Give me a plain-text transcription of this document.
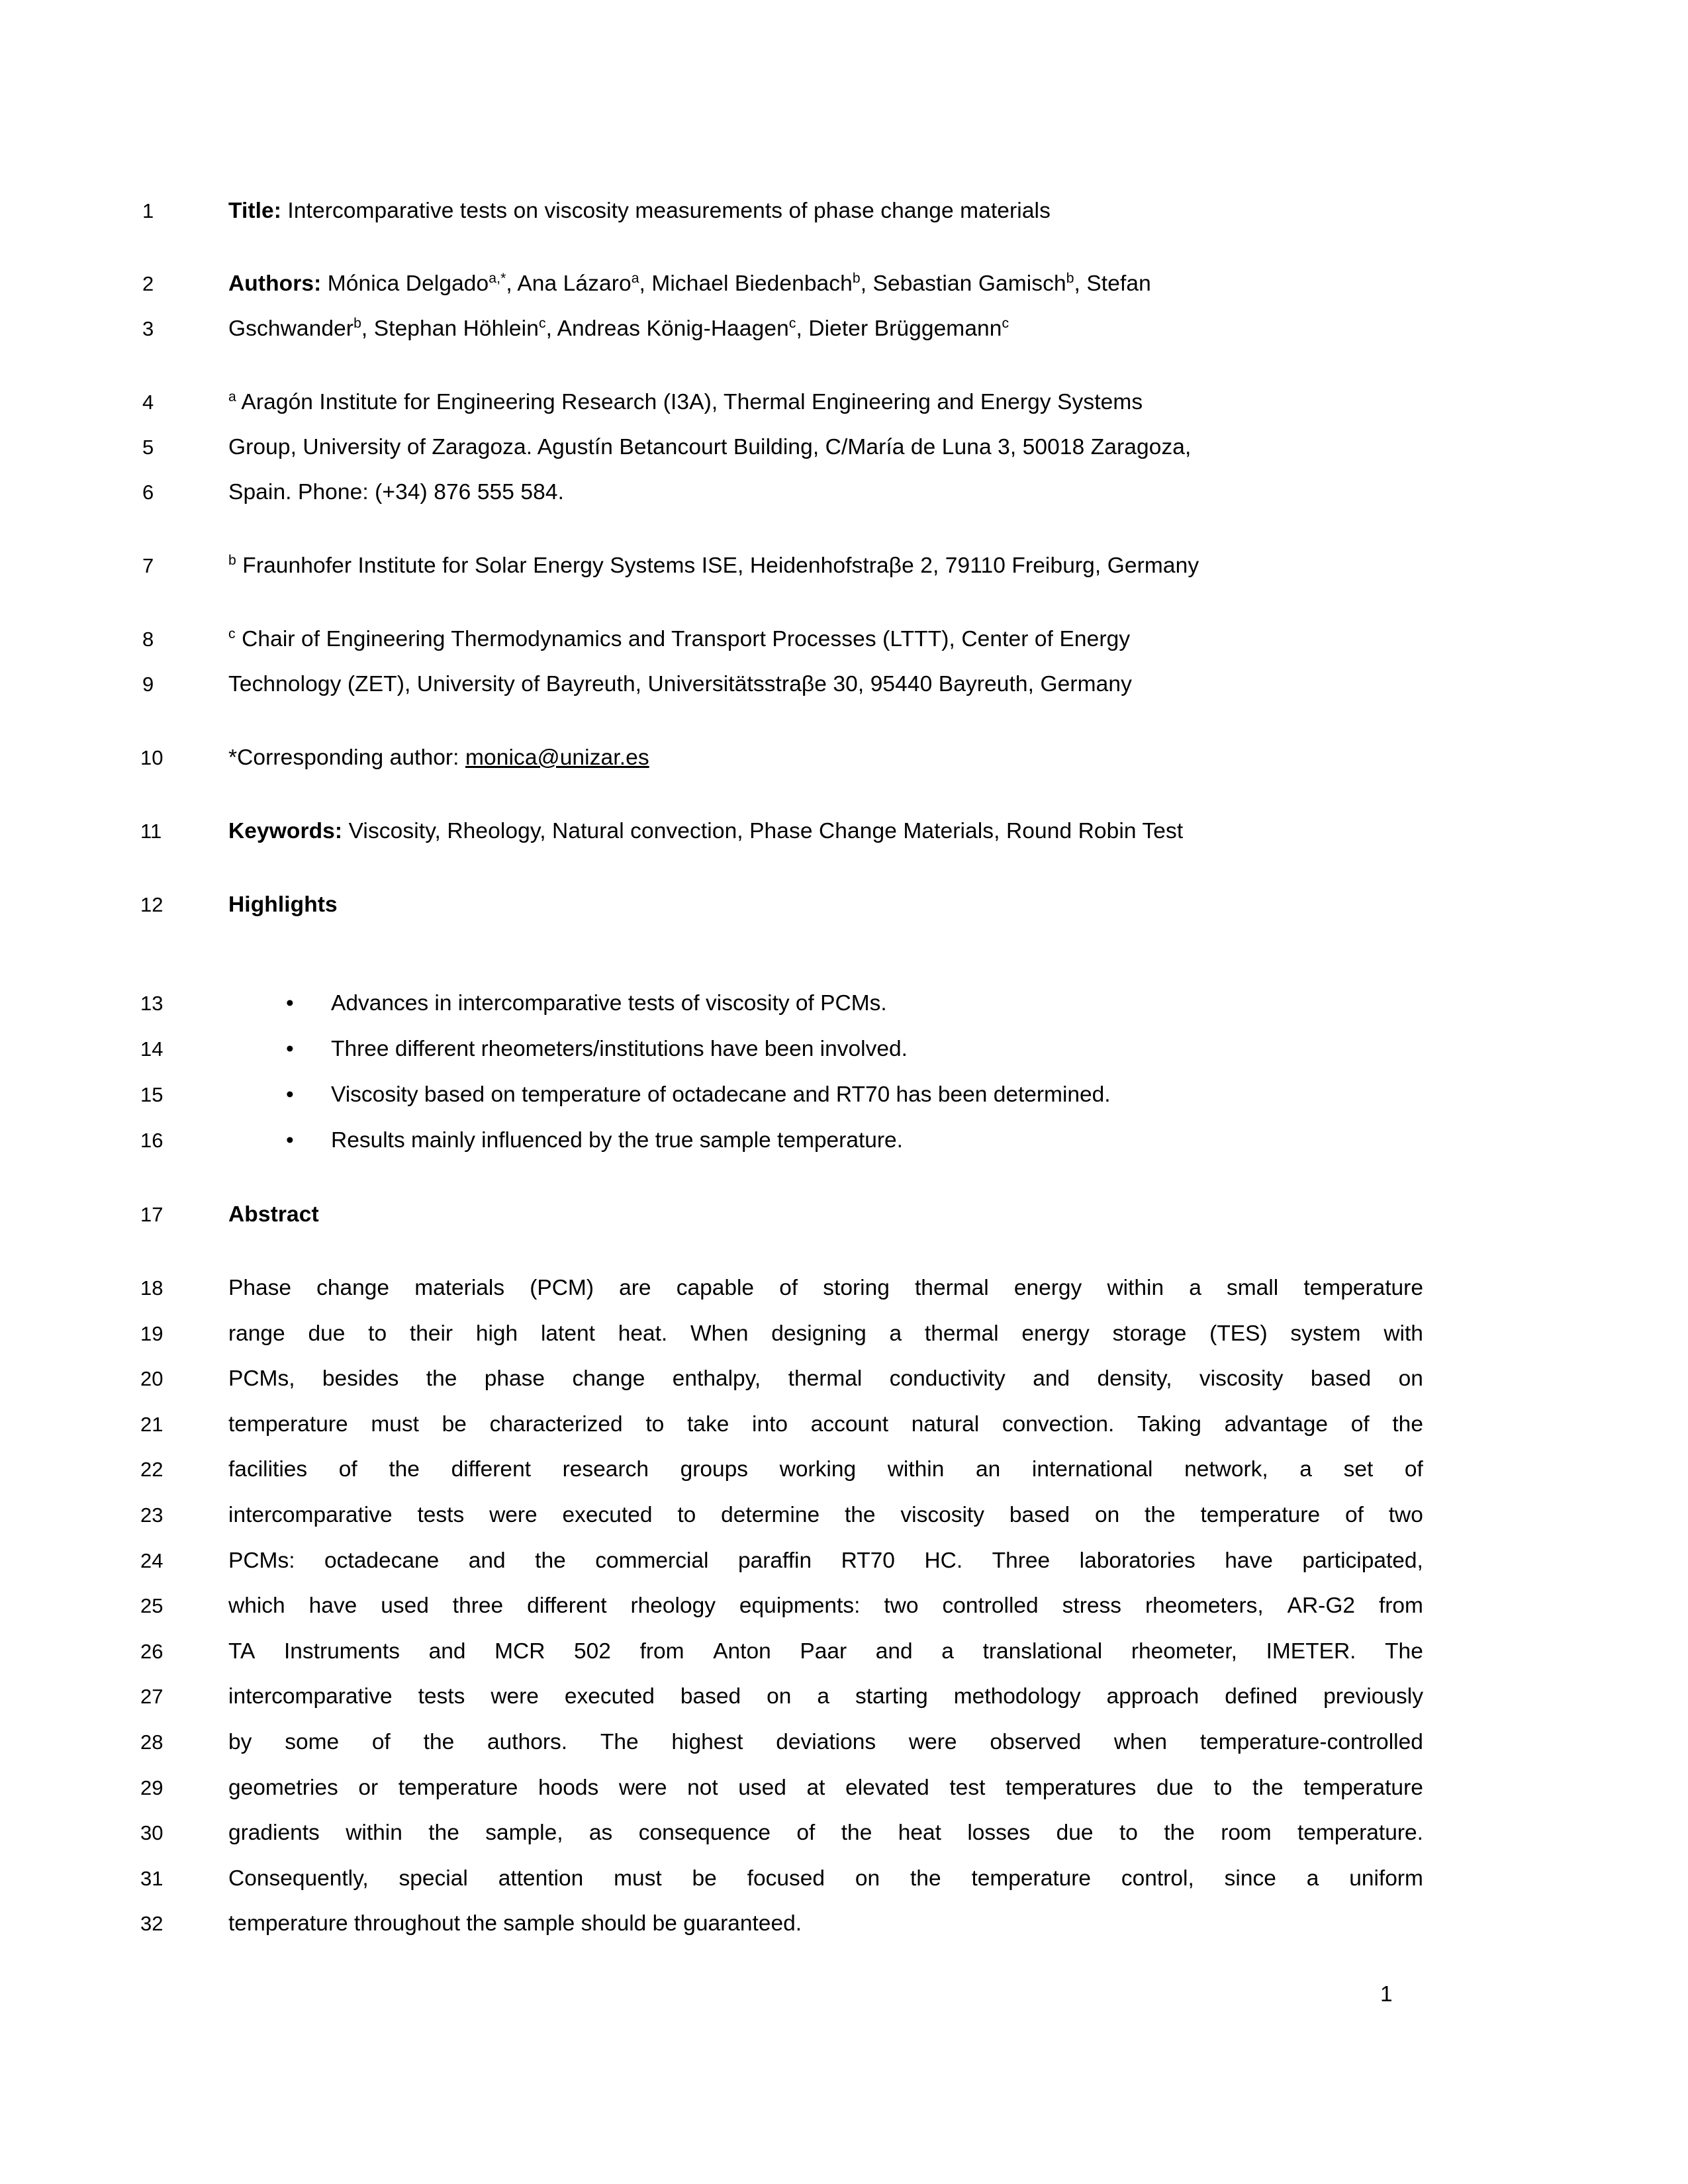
1	Title: Intercomparative tests on viscosity measurements of phase change materials
2	Authors: Mónica Delgado$^{a,*}$, Ana Lázaro$^a$, Michael Biedenbach$^b$, Sebastian Gamisch$^b$, Stefan
3	Gschwander$^b$, Stephan Höhlein$^c$, Andreas König-Haagen$^c$, Dieter Brüggemann$^c$
4	$^a$ Aragón Institute for Engineering Research (I3A), Thermal Engineering and Energy Systems
5	Group, University of Zaragoza. Agustín Betancourt Building, C/María de Luna 3, 50018 Zaragoza,
6	Spain. Phone: (+34) 876 555 584.
7	$^b$ Fraunhofer Institute for Solar Energy Systems ISE, Heidenhofstraβe 2, 79110 Freiburg, Germany
8	$^c$ Chair of Engineering Thermodynamics and Transport Processes (LTTT), Center of Energy
9	Technology (ZET), University of Bayreuth, Universitätsstraβe 30, 95440 Bayreuth, Germany
10	*Corresponding author: monica@unizar.es
11	Keywords: Viscosity, Rheology, Natural convection, Phase Change Materials, Round Robin Test
12	Highlights
13	• Advances in intercomparative tests of viscosity of PCMs.
14	• Three different rheometers/institutions have been involved.
15	• Viscosity based on temperature of octadecane and RT70 has been determined.
16	• Results mainly influenced by the true sample temperature.
17	Abstract
18	Phase change materials (PCM) are capable of storing thermal energy within a small temperature
19	range due to their high latent heat. When designing a thermal energy storage (TES) system with
20	PCMs, besides the phase change enthalpy, thermal conductivity and density, viscosity based on
21	temperature must be characterized to take into account natural convection. Taking advantage of the
22	facilities of the different research groups working within an international network, a set of
23	intercomparative tests were executed to determine the viscosity based on the temperature of two
24	PCMs: octadecane and the commercial paraffin RT70 HC. Three laboratories have participated,
25	which have used three different rheology equipments: two controlled stress rheometers, AR-G2 from
26	TA Instruments and MCR 502 from Anton Paar and a translational rheometer, IMETER. The
27	intercomparative tests were executed based on a starting methodology approach defined previously
28	by some of the authors. The highest deviations were observed when temperature-controlled
29	geometries or temperature hoods were not used at elevated test temperatures due to the temperature
30	gradients within the sample, as consequence of the heat losses due to the room temperature.
31	Consequently, special attention must be focused on the temperature control, since a uniform
32	temperature throughout the sample should be guaranteed.
1
